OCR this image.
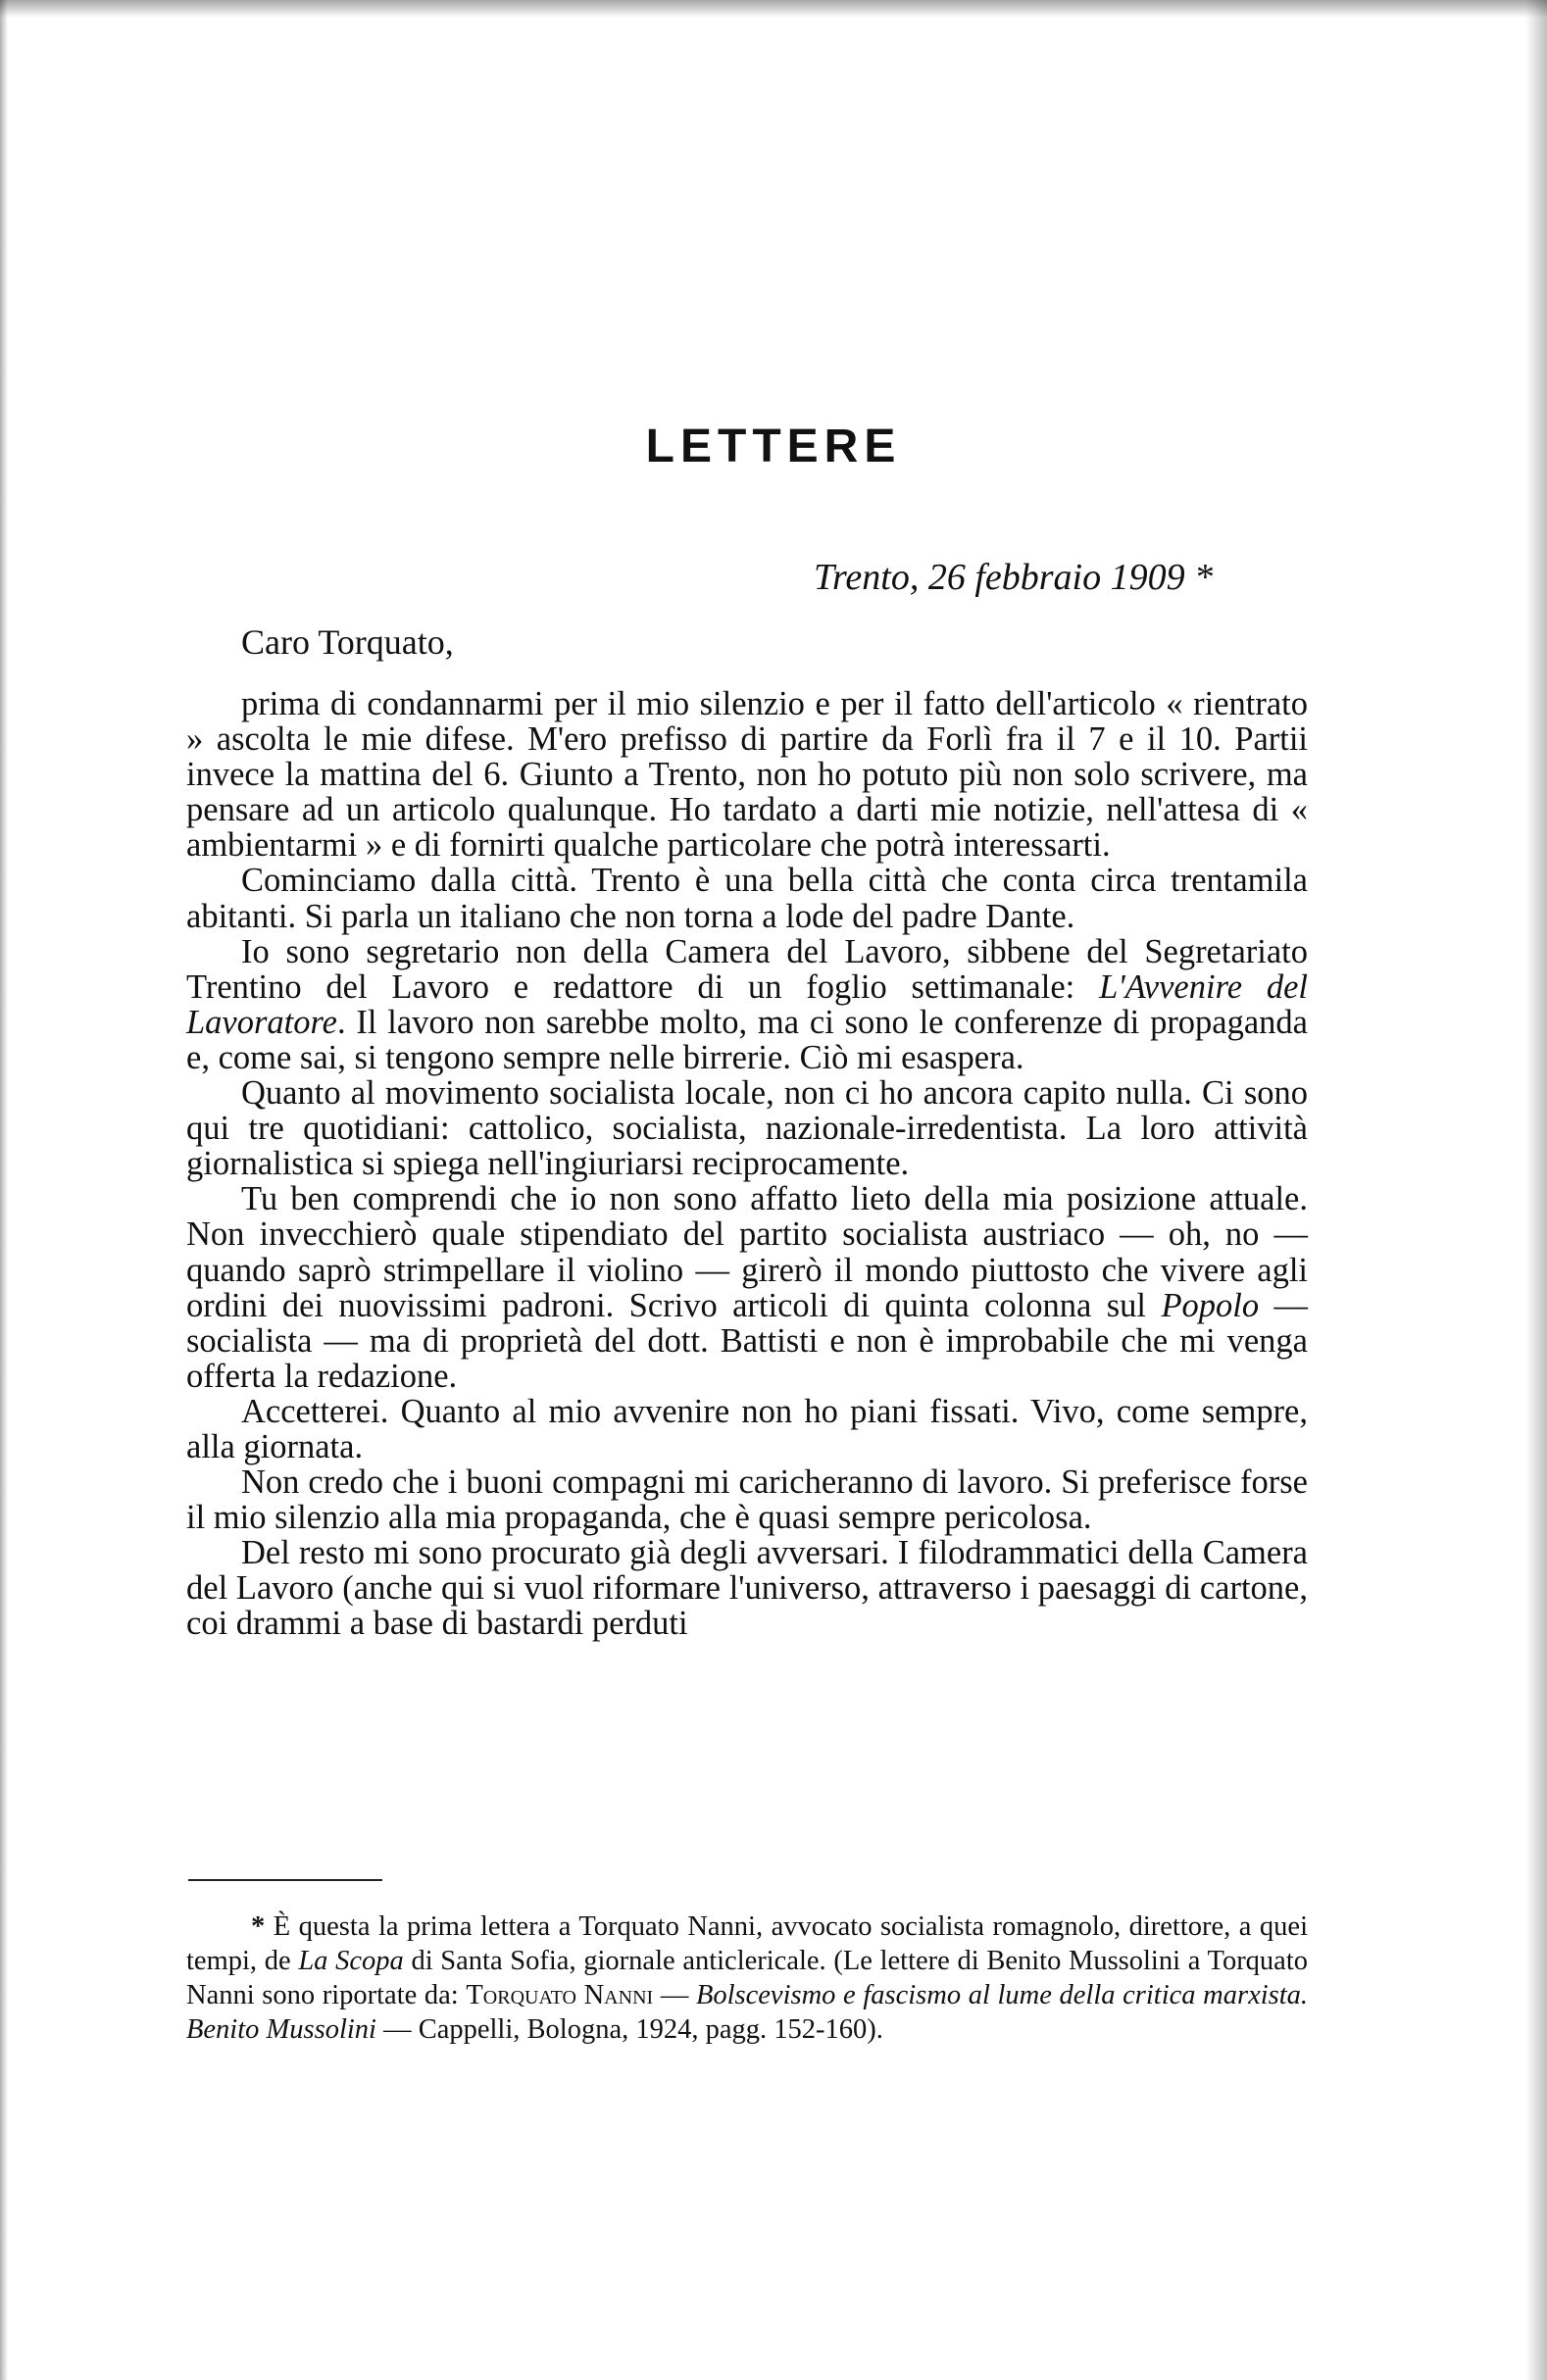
LETTERE

Trento, 26 febbraio 1909 *

Caro Torquato,

prima di condannarmi per il mio silenzio e per il fatto dell'articolo « rientrato » ascolta le mie difese. M'ero prefisso di partire da Forlì fra il 7 e il 10. Partii invece la mattina del 6. Giunto a Trento, non ho potuto più non solo scrivere, ma pensare ad un articolo qualunque. Ho tardato a darti mie notizie, nell'attesa di « ambientarmi » e di fornirti qualche particolare che potrà interessarti.

Cominciamo dalla città. Trento è una bella città che conta circa trentamila abitanti. Si parla un italiano che non torna a lode del padre Dante.

Io sono segretario non della Camera del Lavoro, sibbene del Segretariato Trentino del Lavoro e redattore di un foglio settimanale: L'Avvenire del Lavoratore. Il lavoro non sarebbe molto, ma ci sono le conferenze di propaganda e, come sai, si tengono sempre nelle birrerie. Ciò mi esaspera.

Quanto al movimento socialista locale, non ci ho ancora capito nulla. Ci sono qui tre quotidiani: cattolico, socialista, nazionale-irredentista. La loro attività giornalistica si spiega nell'ingiuriarsi reciprocamente.

Tu ben comprendi che io non sono affatto lieto della mia posizione attuale. Non invecchierò quale stipendiato del partito socialista austriaco — oh, no — quando saprò strimpellare il violino — girerò il mondo piuttosto che vivere agli ordini dei nuovissimi padroni. Scrivo articoli di quinta colonna sul Popolo — socialista — ma di proprietà del dott. Battisti e non è improbabile che mi venga offerta la redazione.

Accetterei. Quanto al mio avvenire non ho piani fissati. Vivo, come sempre, alla giornata.

Non credo che i buoni compagni mi caricheranno di lavoro. Si preferisce forse il mio silenzio alla mia propaganda, che è quasi sempre pericolosa.

Del resto mi sono procurato già degli avversari. I filodrammatici della Camera del Lavoro (anche qui si vuol riformare l'universo, attraverso i paesaggi di cartone, coi drammi a base di bastardi perduti

* È questa la prima lettera a Torquato Nanni, avvocato socialista romagnolo, direttore, a quei tempi, de La Scopa di Santa Sofia, giornale anticlericale. (Le lettere di Benito Mussolini a Torquato Nanni sono riportate da: Torquato Nanni — Bolscevismo e fascismo al lume della critica marxista. Benito Mussolini — Cappelli, Bologna, 1924, pagg. 152-160).
